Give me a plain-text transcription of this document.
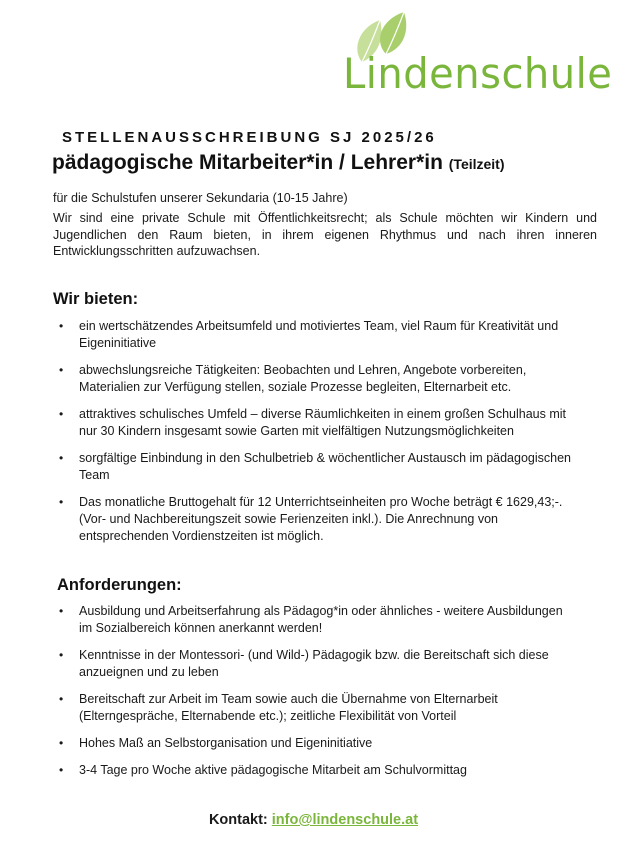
Lindenschule
STELLENAUSSCHREIBUNG SJ 2025/26
pädagogische Mitarbeiter*in / Lehrer*in (Teilzeit)
für die Schulstufen unserer Sekundaria (10-15 Jahre)
Wir sind eine private Schule mit Öffentlichkeitsrecht; als Schule möchten wir Kindern und Jugendlichen den Raum bieten, in ihrem eigenen Rhythmus und nach ihren inneren Entwicklungsschritten aufzuwachsen.
Wir bieten:
• ein wertschätzendes Arbeitsumfeld und motiviertes Team, viel Raum für Kreativität und Eigeninitiative
• abwechslungsreiche Tätigkeiten: Beobachten und Lehren, Angebote vorbereiten, Materialien zur Verfügung stellen, soziale Prozesse begleiten, Elternarbeit etc.
• attraktives schulisches Umfeld – diverse Räumlichkeiten in einem großen Schulhaus mit nur 30 Kindern insgesamt sowie Garten mit vielfältigen Nutzungsmöglichkeiten
• sorgfältige Einbindung in den Schulbetrieb & wöchentlicher Austausch im pädagogischen Team
• Das monatliche Bruttogehalt für 12 Unterrichtseinheiten pro Woche beträgt € 1629,43;-. (Vor- und Nachbereitungszeit sowie Ferienzeiten inkl.). Die Anrechnung von entsprechenden Vordienstzeiten ist möglich.
Anforderungen:
• Ausbildung und Arbeitserfahrung als Pädagog*in oder ähnliches - weitere Ausbildungen im Sozialbereich können anerkannt werden!
• Kenntnisse in der Montessori- (und Wild-) Pädagogik bzw. die Bereitschaft sich diese anzueignen und zu leben
• Bereitschaft zur Arbeit im Team sowie auch die Übernahme von Elternarbeit (Elterngespräche, Elternabende etc.); zeitliche Flexibilität von Vorteil
• Hohes Maß an Selbstorganisation und Eigeninitiative
• 3-4 Tage pro Woche aktive pädagogische Mitarbeit am Schulvormittag
Kontakt: info@lindenschule.at
